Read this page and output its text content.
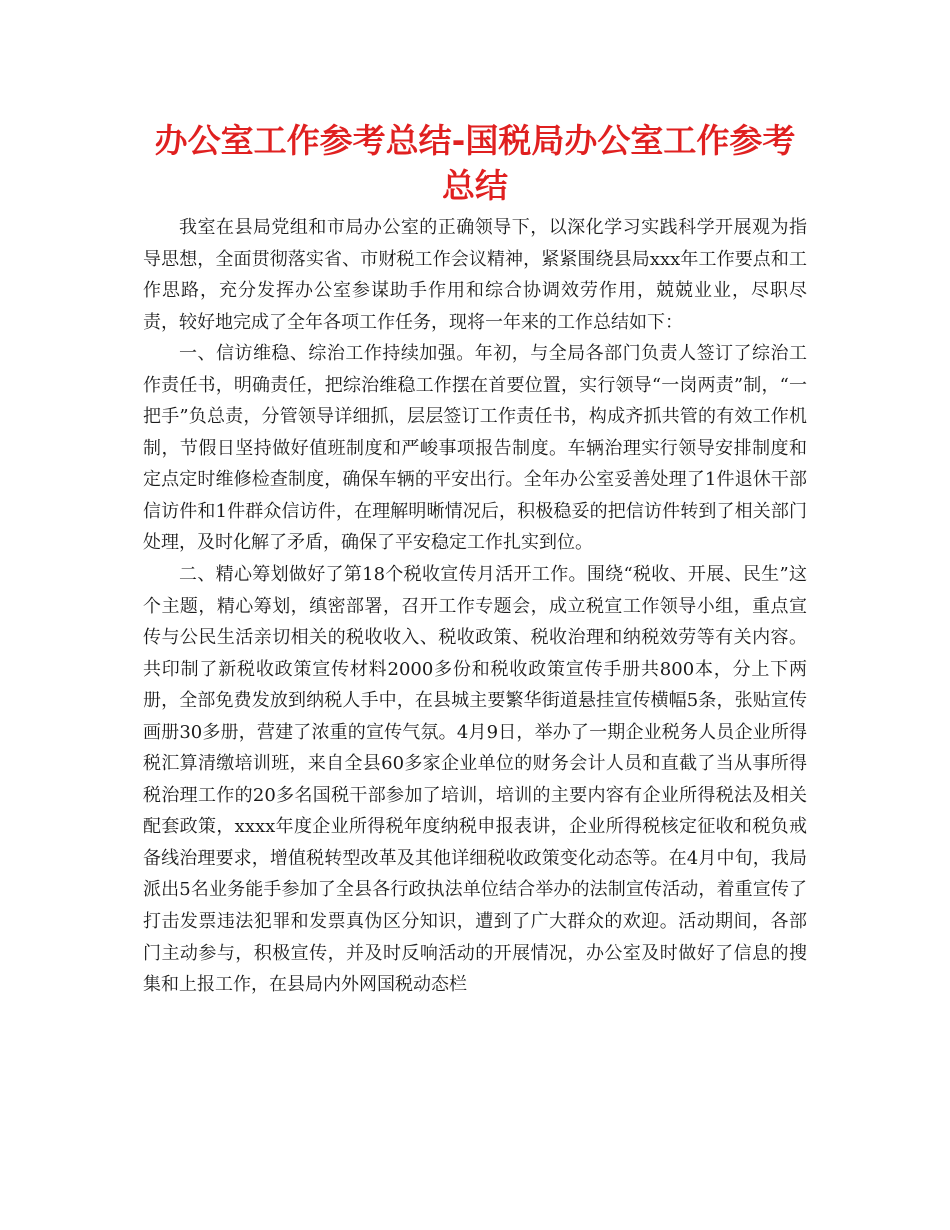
办公室工作参考总结-国税局办公室工作参考总结

我室在县局党组和市局办公室的正确领导下，以深化学习实践科学开展观为指导思想，全面贯彻落实省、市财税工作会议精神，紧紧围绕县局xxx年工作要点和工作思路，充分发挥办公室参谋助手作用和综合协调效劳作用，兢兢业业，尽职尽责，较好地完成了全年各项工作任务，现将一年来的工作总结如下：

一、信访维稳、综治工作持续加强。年初，与全局各部门负责人签订了综治工作责任书，明确责任，把综治维稳工作摆在首要位置，实行领导“一岗两责”制，“一把手”负总责，分管领导详细抓，层层签订工作责任书，构成齐抓共管的有效工作机制，节假日坚持做好值班制度和严峻事项报告制度。车辆治理实行领导安排制度和定点定时维修检查制度，确保车辆的平安出行。全年办公室妥善处理了1件退休干部信访件和1件群众信访件，在理解明晰情况后，积极稳妥的把信访件转到了相关部门处理，及时化解了矛盾，确保了平安稳定工作扎实到位。

二、精心筹划做好了第18个税收宣传月活开工作。围绕“税收、开展、民生”这个主题，精心筹划，缜密部署，召开工作专题会，成立税宣工作领导小组，重点宣传与公民生活亲切相关的税收收入、税收政策、税收治理和纳税效劳等有关内容。共印制了新税收政策宣传材料2000多份和税收政策宣传手册共800本，分上下两册，全部免费发放到纳税人手中，在县城主要繁华街道悬挂宣传横幅5条，张贴宣传画册30多册，营建了浓重的宣传气氛。4月9日，举办了一期企业税务人员企业所得税汇算清缴培训班，来自全县60多家企业单位的财务会计人员和直截了当从事所得税治理工作的20多名国税干部参加了培训，培训的主要内容有企业所得税法及相关配套政策，xxxx年度企业所得税年度纳税申报表讲，企业所得税核定征收和税负戒备线治理要求，增值税转型改革及其他详细税收政策变化动态等。在4月中旬，我局派出5名业务能手参加了全县各行政执法单位结合举办的法制宣传活动，着重宣传了打击发票违法犯罪和发票真伪区分知识，遭到了广大群众的欢迎。活动期间，各部门主动参与，积极宣传，并及时反响活动的开展情况，办公室及时做好了信息的搜集和上报工作，在县局内外网国税动态栏
